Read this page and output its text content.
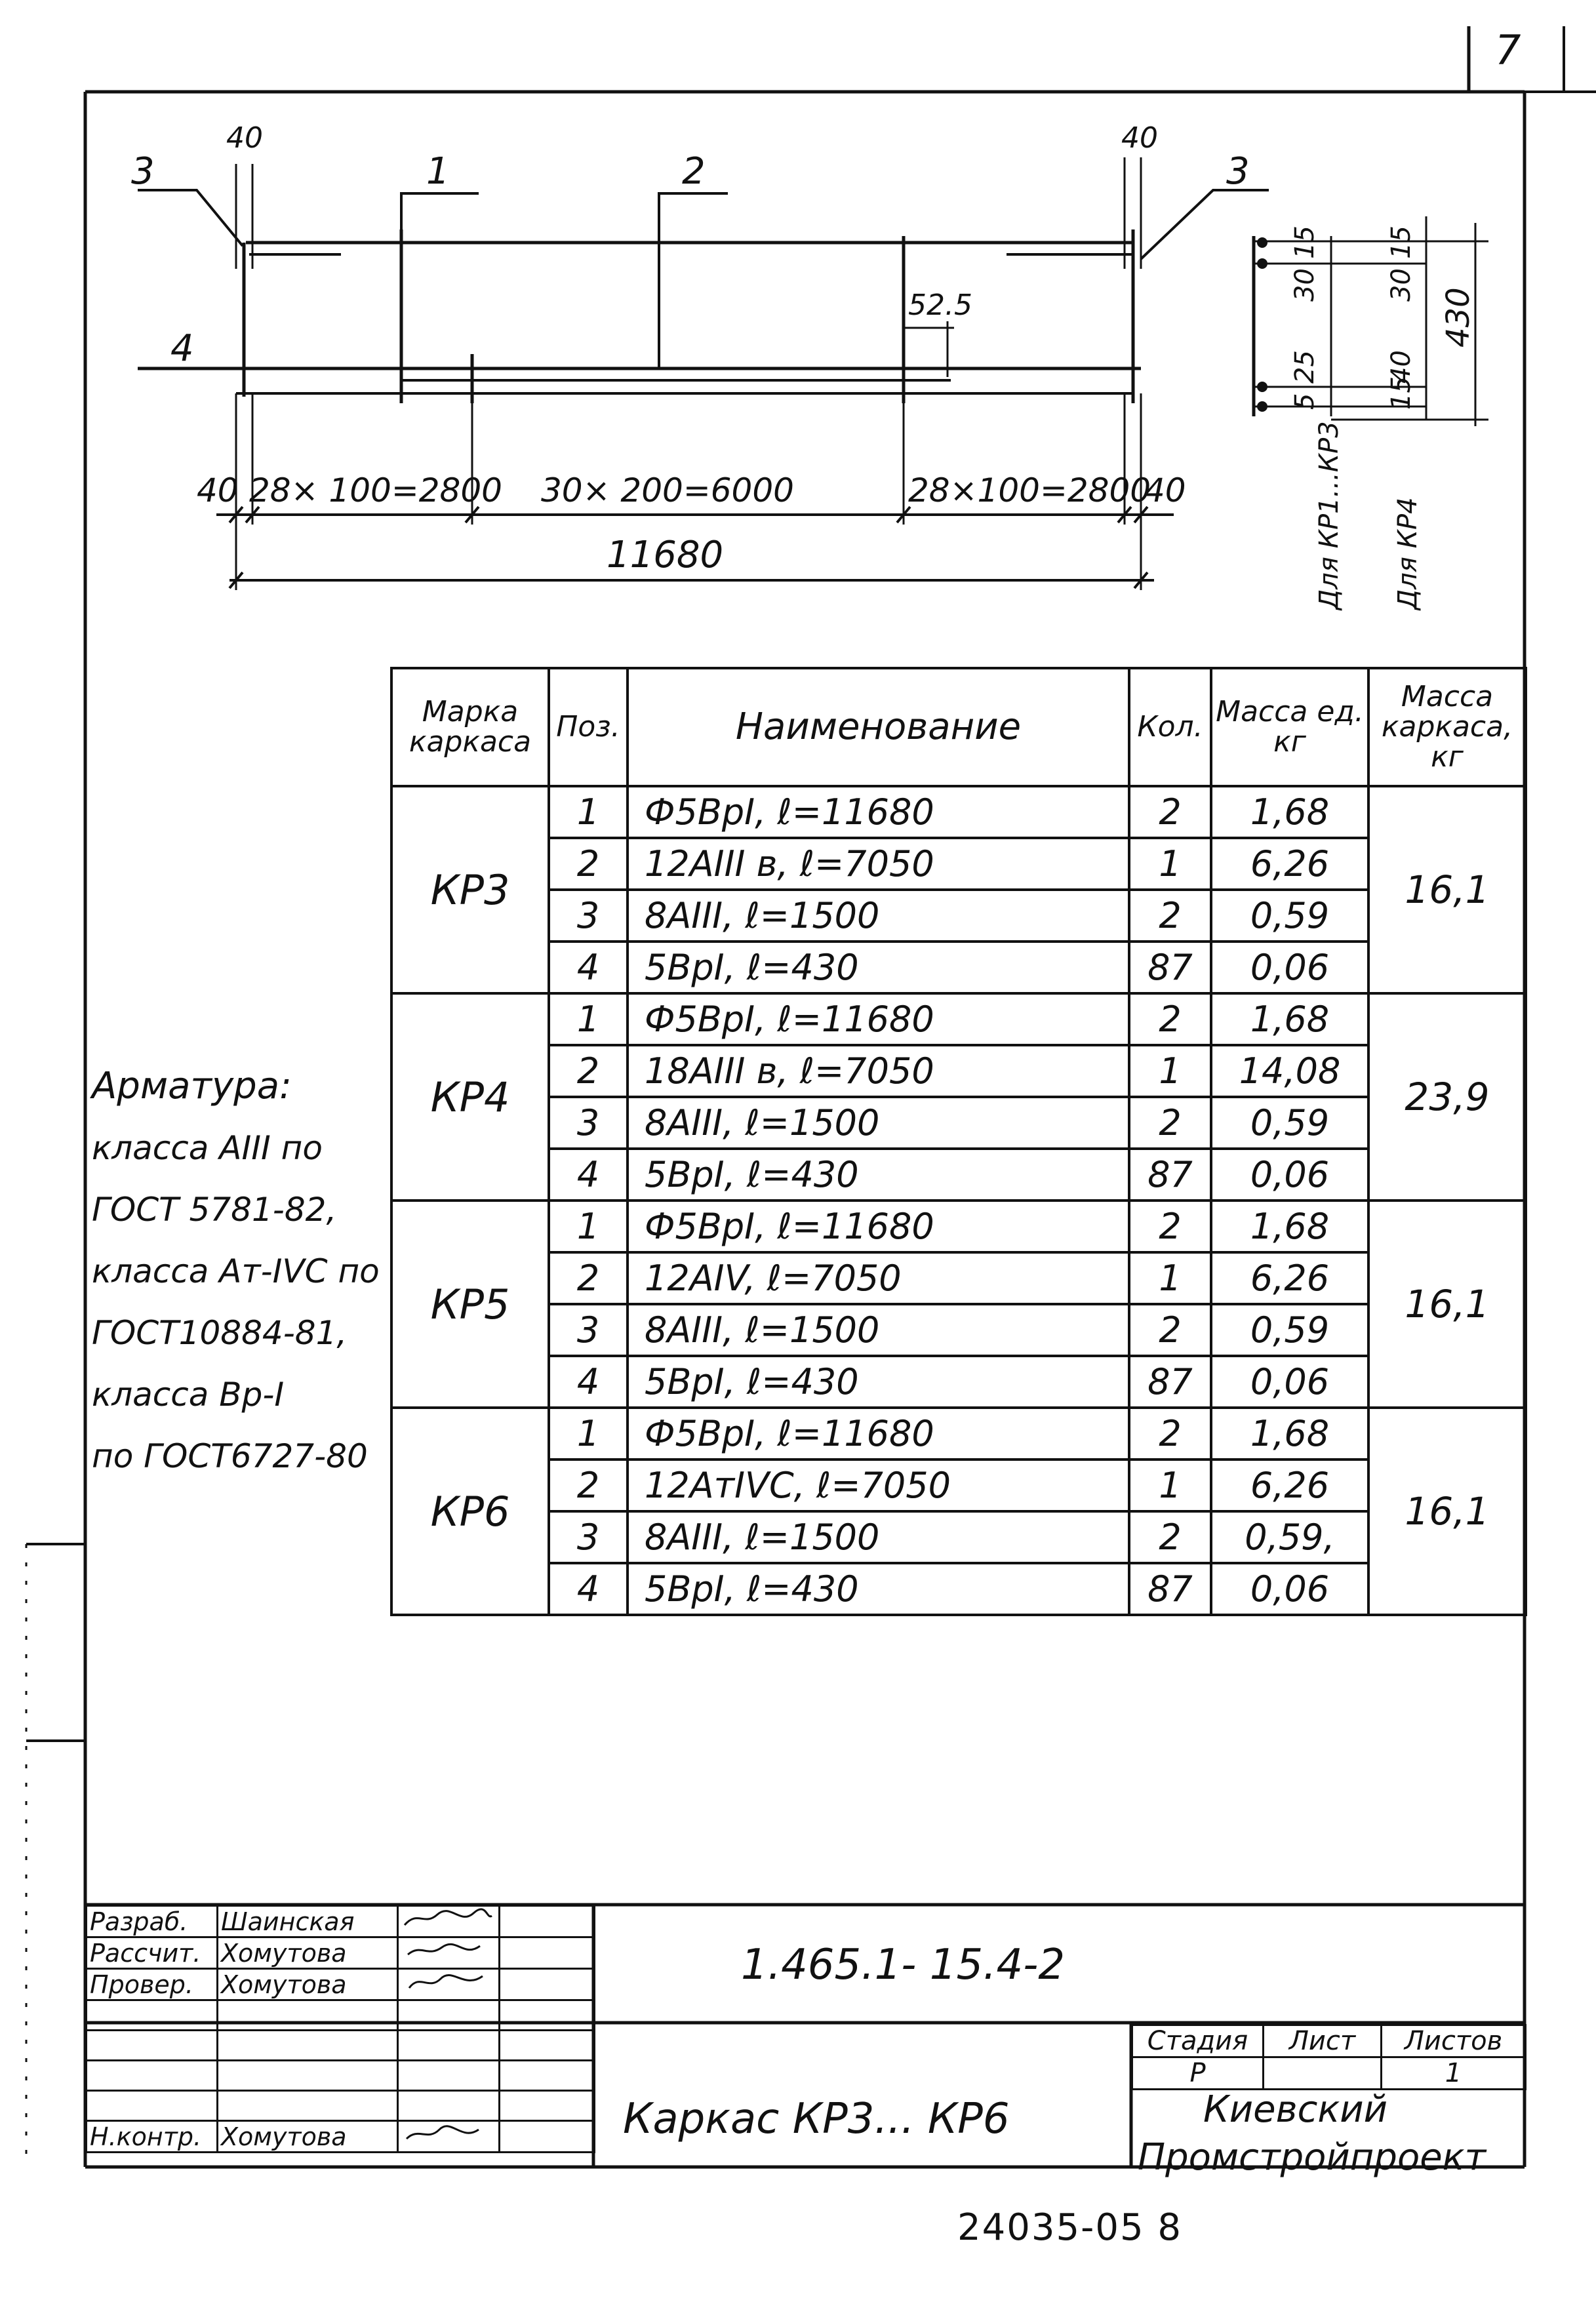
7
3	1	2	3
4
40	40
52.5
40 28× 100=2800 30× 200=6000	28×100=2800
40
11680
15
30
25
5
15
30
40
15
430
Для КР1...КР3 Для КР4
Марка каркаса	Поз.	Наименование	Кол.	Масса ед. кг	Масса каркаса, кг
КР3	1	Ф5ВрI, ℓ=11680	2	1,68	16,1
	2	12АIII в, ℓ=7050	1	6,26	
	3	8АIII, ℓ=1500	2	0,59	
	4	5ВрI, ℓ=430	87	0,06	
КР4	1	Ф5ВрI, ℓ=11680	2	1,68	23,9
	2	18АIII в, ℓ=7050	1	14,08	
	3	8АIII, ℓ=1500	2	0,59	
	4	5ВрI, ℓ=430	87	0,06	
КР5	1	Ф5ВрI, ℓ=11680	2	1,68	16,1
	2	12АIV, ℓ=7050	1	6,26	
	3	8АIII, ℓ=1500	2	0,59	
	4	5ВрI, ℓ=430	87	0,06	
КР6	1	Ф5ВрI, ℓ=11680	2	1,68	16,1
	2	12АтIVС, ℓ=7050	1	6,26	
	3	8АIII, ℓ=1500	2	0,59,	
	4	5ВрI, ℓ=430	87	0,06	
Арматура:
класса АIII по
ГОСТ 5781-82,
класса Ат-IVС по
ГОСТ10884-81,
класса Вр-I
по ГОСТ6727-80
Разраб.	Шаинская		
Рассчит.	Хомутова		
Провер.	Хомутова		

Н.контр.	Хомутова		
1.465.1- 15.4-2
Каркас КР3... КР6
Стадия	Лист	Листов
Р		1
Киевский
Промстройпроект
24035-05 8
